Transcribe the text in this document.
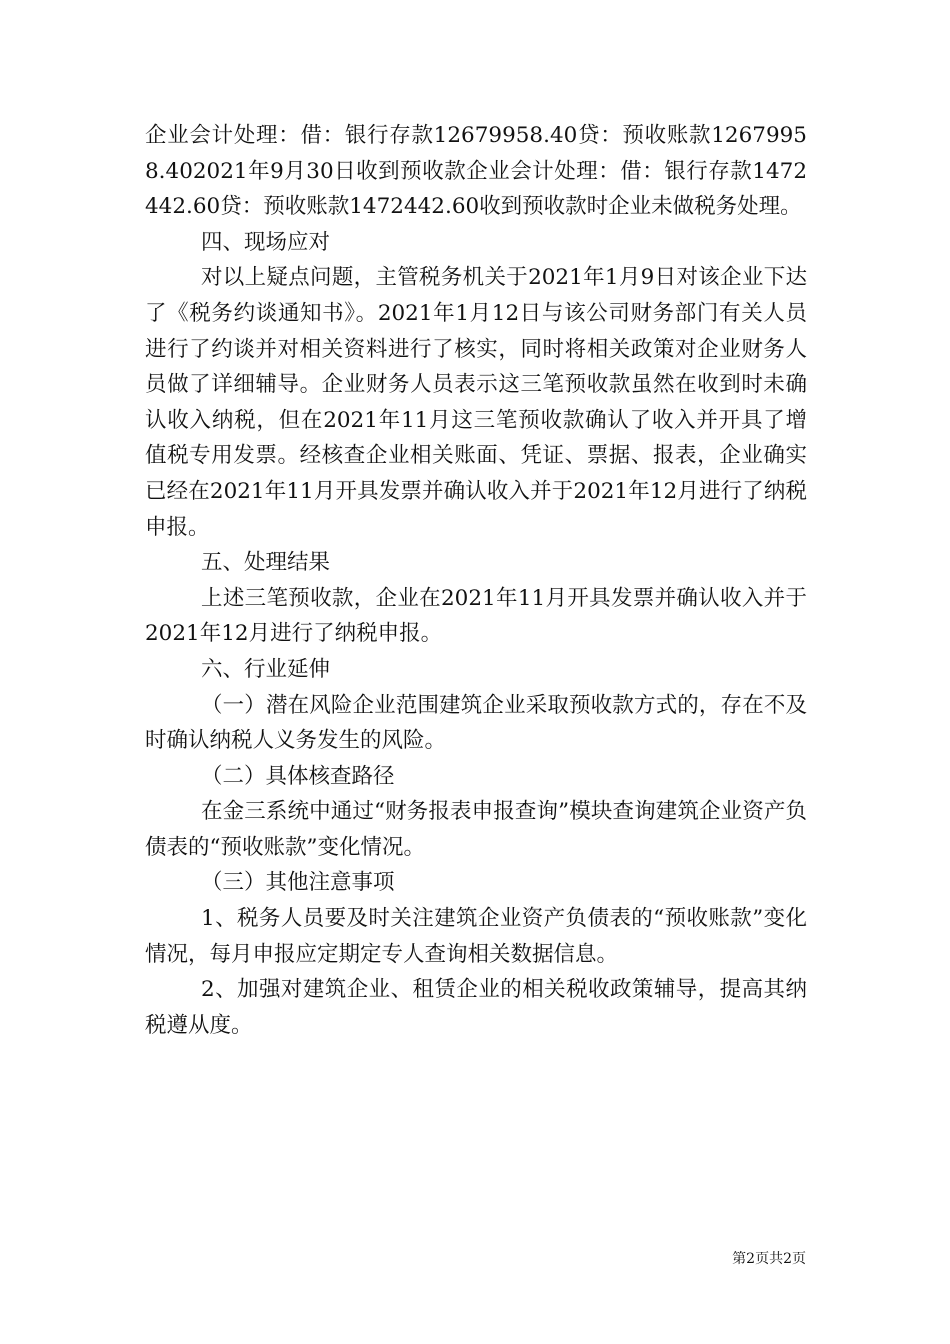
企业会计处理：借：银行存款12679958.40贷：预收账款12679958.402021年9月30日收到预收款企业会计处理：借：银行存款1472442.60贷：预收账款1472442.60收到预收款时企业未做税务处理。

四、现场应对

对以上疑点问题，主管税务机关于2021年1月9日对该企业下达了《税务约谈通知书》。2021年1月12日与该公司财务部门有关人员进行了约谈并对相关资料进行了核实，同时将相关政策对企业财务人员做了详细辅导。企业财务人员表示这三笔预收款虽然在收到时未确认收入纳税，但在2021年11月这三笔预收款确认了收入并开具了增值税专用发票。经核查企业相关账面、凭证、票据、报表，企业确实已经在2021年11月开具发票并确认收入并于2021年12月进行了纳税申报。

五、处理结果

上述三笔预收款，企业在2021年11月开具发票并确认收入并于2021年12月进行了纳税申报。

六、行业延伸

（一）潜在风险企业范围建筑企业采取预收款方式的，存在不及时确认纳税人义务发生的风险。

（二）具体核查路径

在金三系统中通过“财务报表申报查询”模块查询建筑企业资产负债表的“预收账款”变化情况。

（三）其他注意事项

1、税务人员要及时关注建筑企业资产负债表的“预收账款”变化情况，每月申报应定期定专人查询相关数据信息。

2、加强对建筑企业、租赁企业的相关税收政策辅导，提高其纳税遵从度。

第2页共2页
